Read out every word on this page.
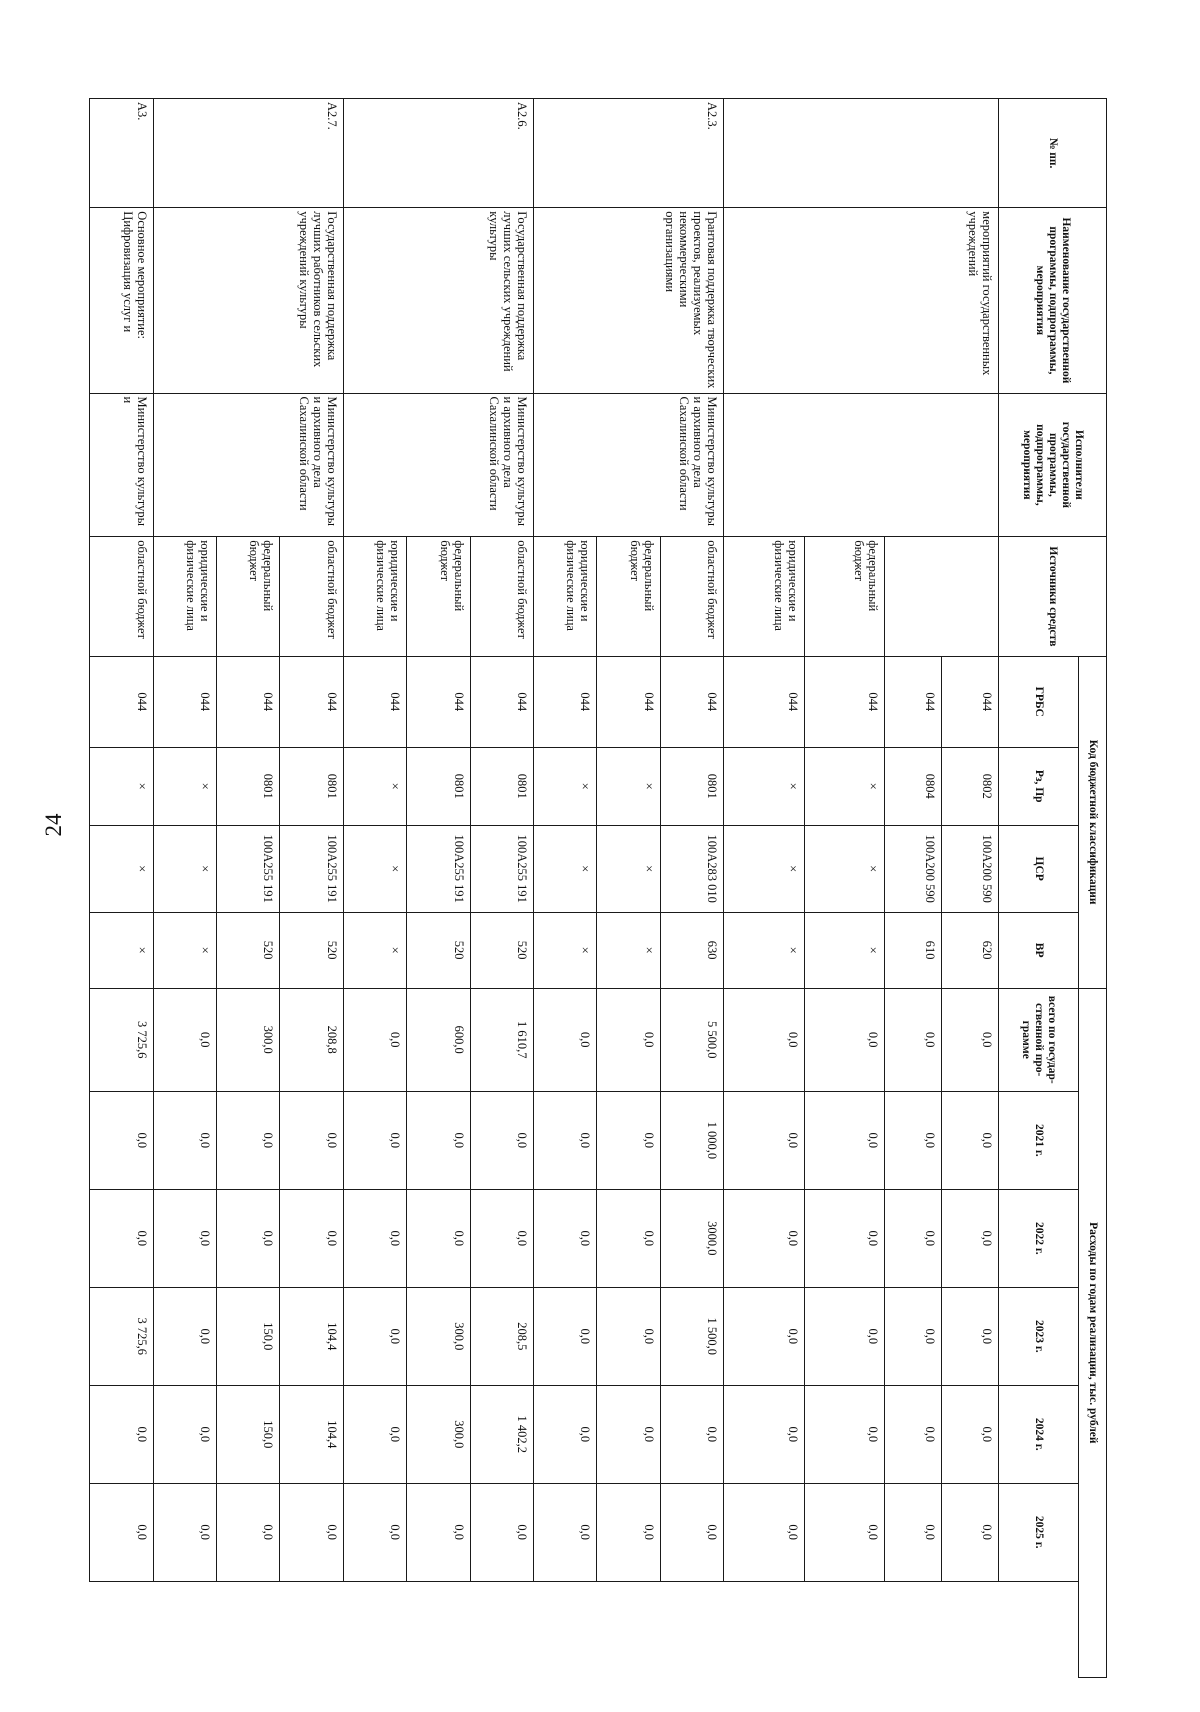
24
№ пп.	Наименование государственной программы, подпрограммы, мероприятия	Исполнители государственной программы, подпрограммы, мероприятия	Источники средств	Код бюджетной классификации				Расходы по годам реализации, тыс. рублей					
				ГРБС	Рз, Пр	ЦСР	ВР	всего по государ-ственной про-грамме	2021 г.	2022 г.	2023 г.	2024 г.	2025 г.
	мероприятий государственных учреждений			044	0802	100А200 590	620	0,0	0,0	0,0	0,0	0,0	0,0
				044	0804	100А200 590	610	0,0	0,0	0,0	0,0	0,0	0,0
			федеральный бюджет	044	×	×	×	0,0	0,0	0,0	0,0	0,0	0,0
			юридические и физические лица	044	×	×	×	0,0	0,0	0,0	0,0	0,0	0,0
А2.3.	Грантовая поддержка творческих проектов, реализуемых некоммерческими организациями	Министерство культуры и архивного дела Сахалинской области	областной бюджет	044	0801	100А283 010	630	5 500,0	1 000,0	3000,0	1 500,0	0,0	0,0
			федеральный бюджет	044	×	×	×	0,0	0,0	0,0	0,0	0,0	0,0
			юридические и физические лица	044	×	×	×	0,0	0,0	0,0	0,0	0,0	0,0
А2.6.	Государственная поддержка лучших сельских учреждений культуры	Министерство культуры и архивного дела Сахалинской области	областной бюджет	044	0801	100А255 191	520	1 610,7	0,0	0,0	208,5	1 402,2	0,0
			федеральный бюджет	044	0801	100А255 191	520	600,0	0,0	0,0	300,0	300,0	0,0
			юридические и физические лица	044	×	×	×	0,0	0,0	0,0	0,0	0,0	0,0
А2.7.	Государственная поддержка лучших работников сельских учреждений культуры	Министерство культуры и архивного дела Сахалинской области	областной бюджет	044	0801	100А255 191	520	208,8	0,0	0,0	104,4	104,4	0,0
			федеральный бюджет	044	0801	100А255 191	520	300,0	0,0	0,0	150,0	150,0	0,0
			юридические и физические лица	044	×	×	×	0,0	0,0	0,0	0,0	0,0	0,0
А3.	Основное мероприятие: Цифровизация услуг и	Министерство культуры и	областной бюджет	044	×	×	×	3 725,6	0,0	0,0	3 725,6	0,0	0,0
